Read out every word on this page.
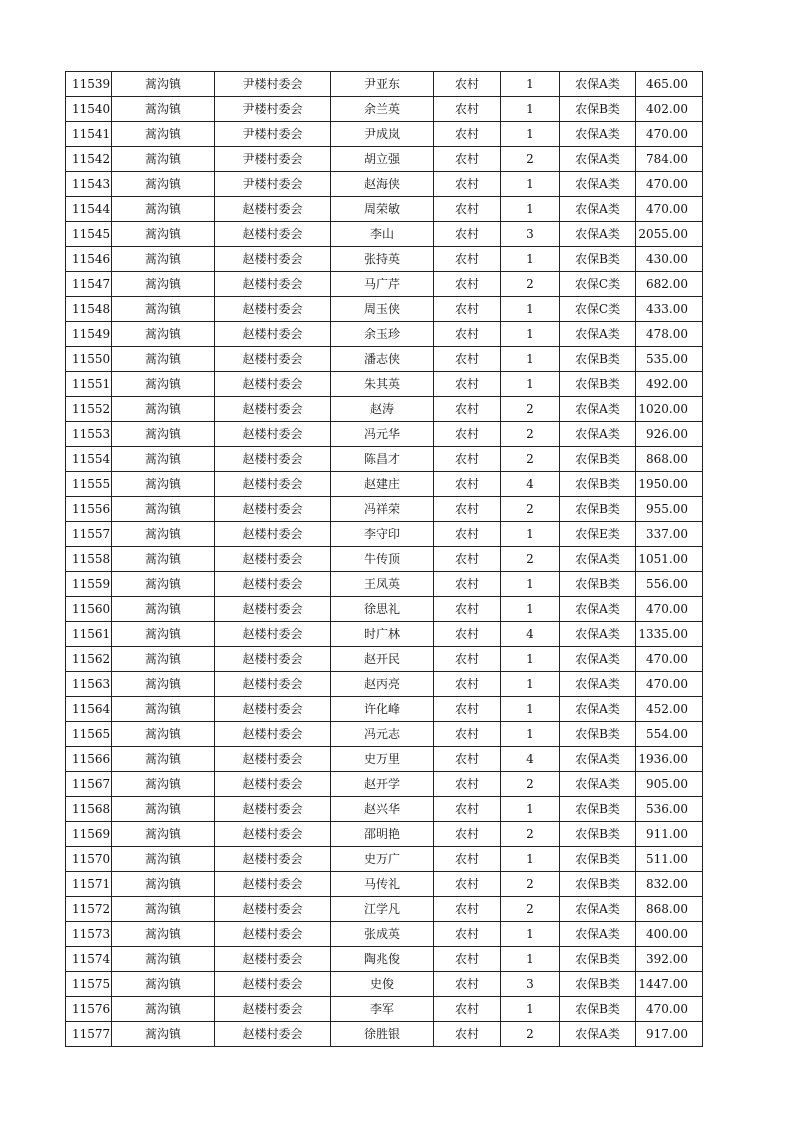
11539	蒿沟镇	尹楼村委会	尹亚东	农村	1	农保A类	465.00
11540	蒿沟镇	尹楼村委会	余兰英	农村	1	农保B类	402.00
11541	蒿沟镇	尹楼村委会	尹成岚	农村	1	农保A类	470.00
11542	蒿沟镇	尹楼村委会	胡立强	农村	2	农保A类	784.00
11543	蒿沟镇	尹楼村委会	赵海侠	农村	1	农保A类	470.00
11544	蒿沟镇	赵楼村委会	周荣敏	农村	1	农保A类	470.00
11545	蒿沟镇	赵楼村委会	李山	农村	3	农保A类	2055.00
11546	蒿沟镇	赵楼村委会	张持英	农村	1	农保B类	430.00
11547	蒿沟镇	赵楼村委会	马广芹	农村	2	农保C类	682.00
11548	蒿沟镇	赵楼村委会	周玉侠	农村	1	农保C类	433.00
11549	蒿沟镇	赵楼村委会	余玉珍	农村	1	农保A类	478.00
11550	蒿沟镇	赵楼村委会	潘志侠	农村	1	农保B类	535.00
11551	蒿沟镇	赵楼村委会	朱其英	农村	1	农保B类	492.00
11552	蒿沟镇	赵楼村委会	赵涛	农村	2	农保A类	1020.00
11553	蒿沟镇	赵楼村委会	冯元华	农村	2	农保A类	926.00
11554	蒿沟镇	赵楼村委会	陈昌才	农村	2	农保B类	868.00
11555	蒿沟镇	赵楼村委会	赵建庄	农村	4	农保B类	1950.00
11556	蒿沟镇	赵楼村委会	冯祥荣	农村	2	农保B类	955.00
11557	蒿沟镇	赵楼村委会	李守印	农村	1	农保E类	337.00
11558	蒿沟镇	赵楼村委会	牛传顶	农村	2	农保A类	1051.00
11559	蒿沟镇	赵楼村委会	王凤英	农村	1	农保B类	556.00
11560	蒿沟镇	赵楼村委会	徐思礼	农村	1	农保A类	470.00
11561	蒿沟镇	赵楼村委会	时广林	农村	4	农保A类	1335.00
11562	蒿沟镇	赵楼村委会	赵开民	农村	1	农保A类	470.00
11563	蒿沟镇	赵楼村委会	赵丙亮	农村	1	农保A类	470.00
11564	蒿沟镇	赵楼村委会	许化峰	农村	1	农保A类	452.00
11565	蒿沟镇	赵楼村委会	冯元志	农村	1	农保B类	554.00
11566	蒿沟镇	赵楼村委会	史万里	农村	4	农保A类	1936.00
11567	蒿沟镇	赵楼村委会	赵开学	农村	2	农保A类	905.00
11568	蒿沟镇	赵楼村委会	赵兴华	农村	1	农保B类	536.00
11569	蒿沟镇	赵楼村委会	邵明艳	农村	2	农保B类	911.00
11570	蒿沟镇	赵楼村委会	史万广	农村	1	农保B类	511.00
11571	蒿沟镇	赵楼村委会	马传礼	农村	2	农保B类	832.00
11572	蒿沟镇	赵楼村委会	江学凡	农村	2	农保A类	868.00
11573	蒿沟镇	赵楼村委会	张成英	农村	1	农保A类	400.00
11574	蒿沟镇	赵楼村委会	陶兆俊	农村	1	农保B类	392.00
11575	蒿沟镇	赵楼村委会	史俊	农村	3	农保B类	1447.00
11576	蒿沟镇	赵楼村委会	李军	农村	1	农保B类	470.00
11577	蒿沟镇	赵楼村委会	徐胜银	农村	2	农保A类	917.00
